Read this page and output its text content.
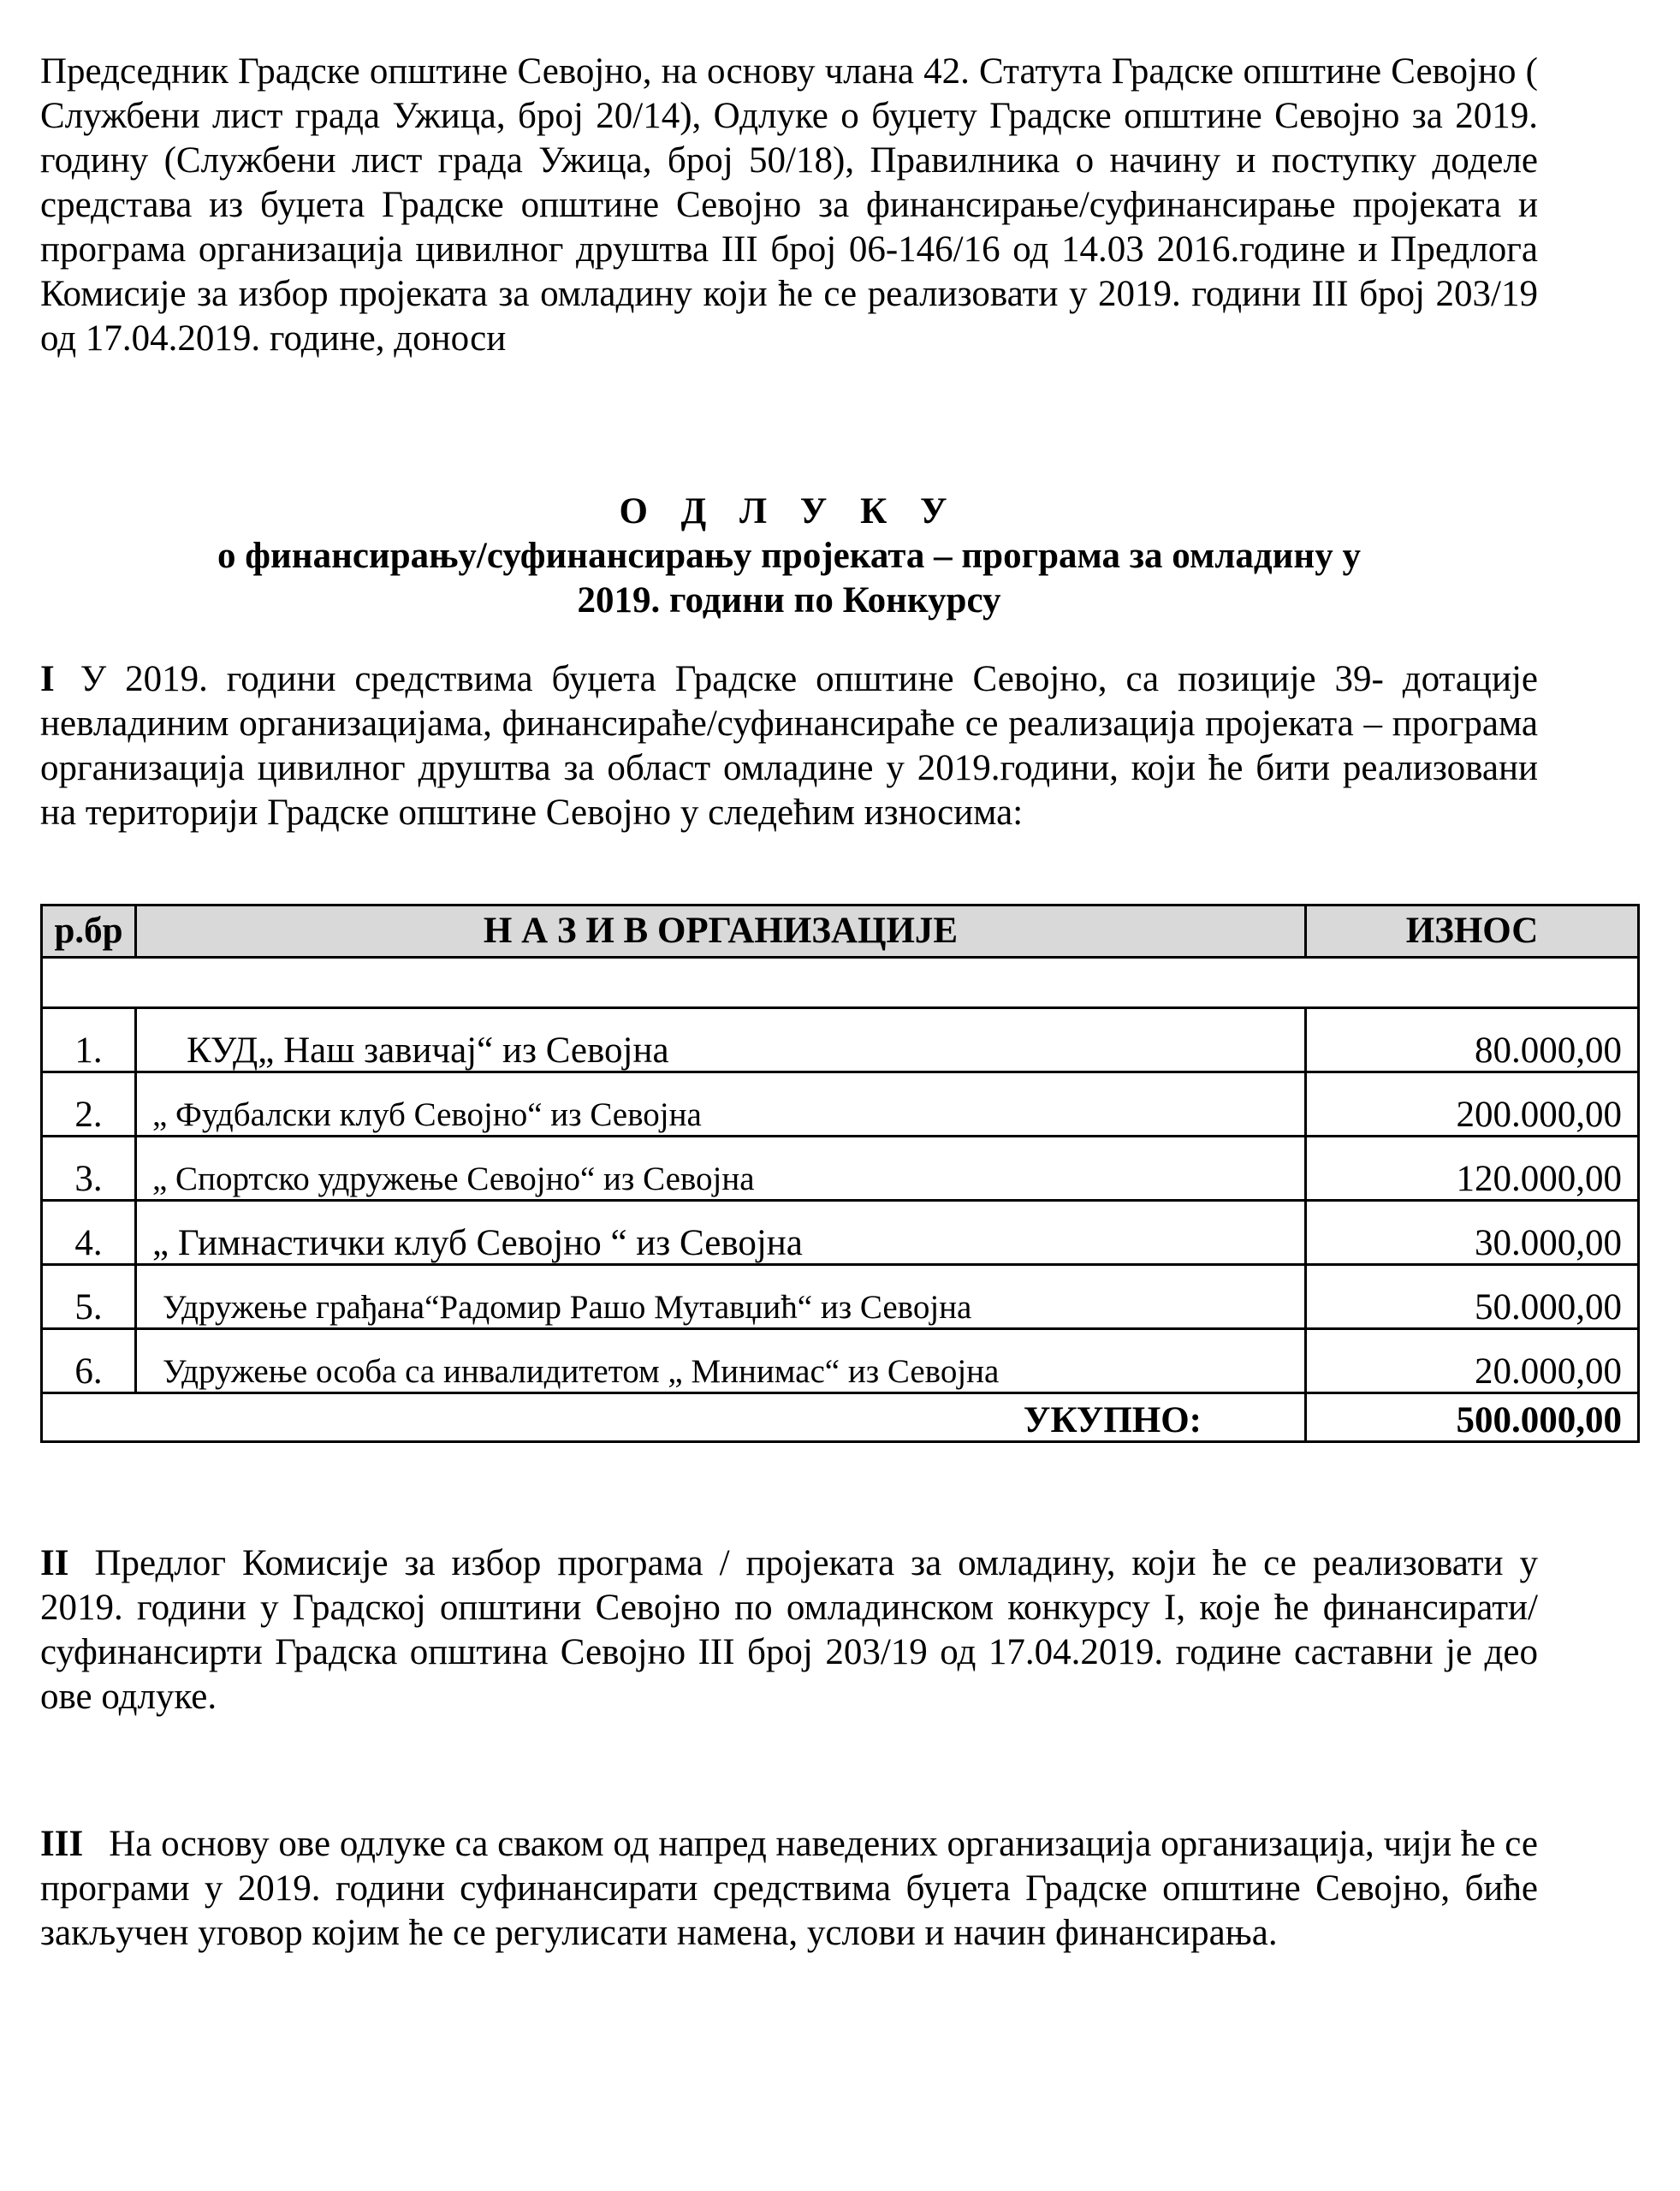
Председник Градске општине Севојно, на основу члана 42. Статута Градске општине Севојно ( Службени лист града Ужица, број 20/14), Одлуке о буџету Градске општине Севојно за 2019. годину (Службени лист града Ужица, број 50/18), Правилника о начину и поступку доделе средстава из буџета Градске општине Севојно за финансирање/суфинансирање пројеката и програма организација цивилног друштва III број 06-146/16 од 14.03 2016.године и Предлога Комисије за избор пројеката за омладину који ће се реализовати у 2019. години III број 203/19 од 17.04.2019. године, доноси

О Д Л У К У
о финансирању/суфинансирању пројеката – програма за омладину у
2019. години по Конкурсу

I У 2019. години средствима буџета Градске општине Севојно, са позиције 39- дотације невладиним организацијама, финансираће/суфинансираће се реализација пројеката – програма организација цивилног друштва за област омладине у 2019.години, који ће бити реализовани на територији Градске општине Севојно у следећим износима:

р.бр	Н А З И В ОРГАНИЗАЦИЈЕ	ИЗНОС

1.	КУД„ Наш завичај“ из Севојна	80.000,00
2.	„ Фудбалски клуб Севојно“ из Севојна	200.000,00
3.	„ Спортско удружење Севојно“ из Севојна	120.000,00
4.	„ Гимнастички клуб Севојно “ из Севојна	30.000,00
5.	Удружење грађана“Радомир Рашо Мутавџић“ из Севојна	50.000,00
6.	Удружење особа са инвалидитетом „ Минимас“ из Севојна	20.000,00
УКУПНО:		500.000,00

II Предлог Комисије за избор програма / пројеката за омладину, који ће се реализовати у 2019. години у Градској општини Севојно по омладинском конкурсу I, које ће финансирати/суфинансирти Градска општина Севојно III број 203/19 од 17.04.2019. године саставни је део ове одлуке.

III На основу ове одлуке са сваком од напред наведених организација организација, чији ће се програми у 2019. години суфинансирати средствима буџета Градске општине Севојно, биће закључен уговор којим ће се регулисати намена, услови и начин финансирања.
